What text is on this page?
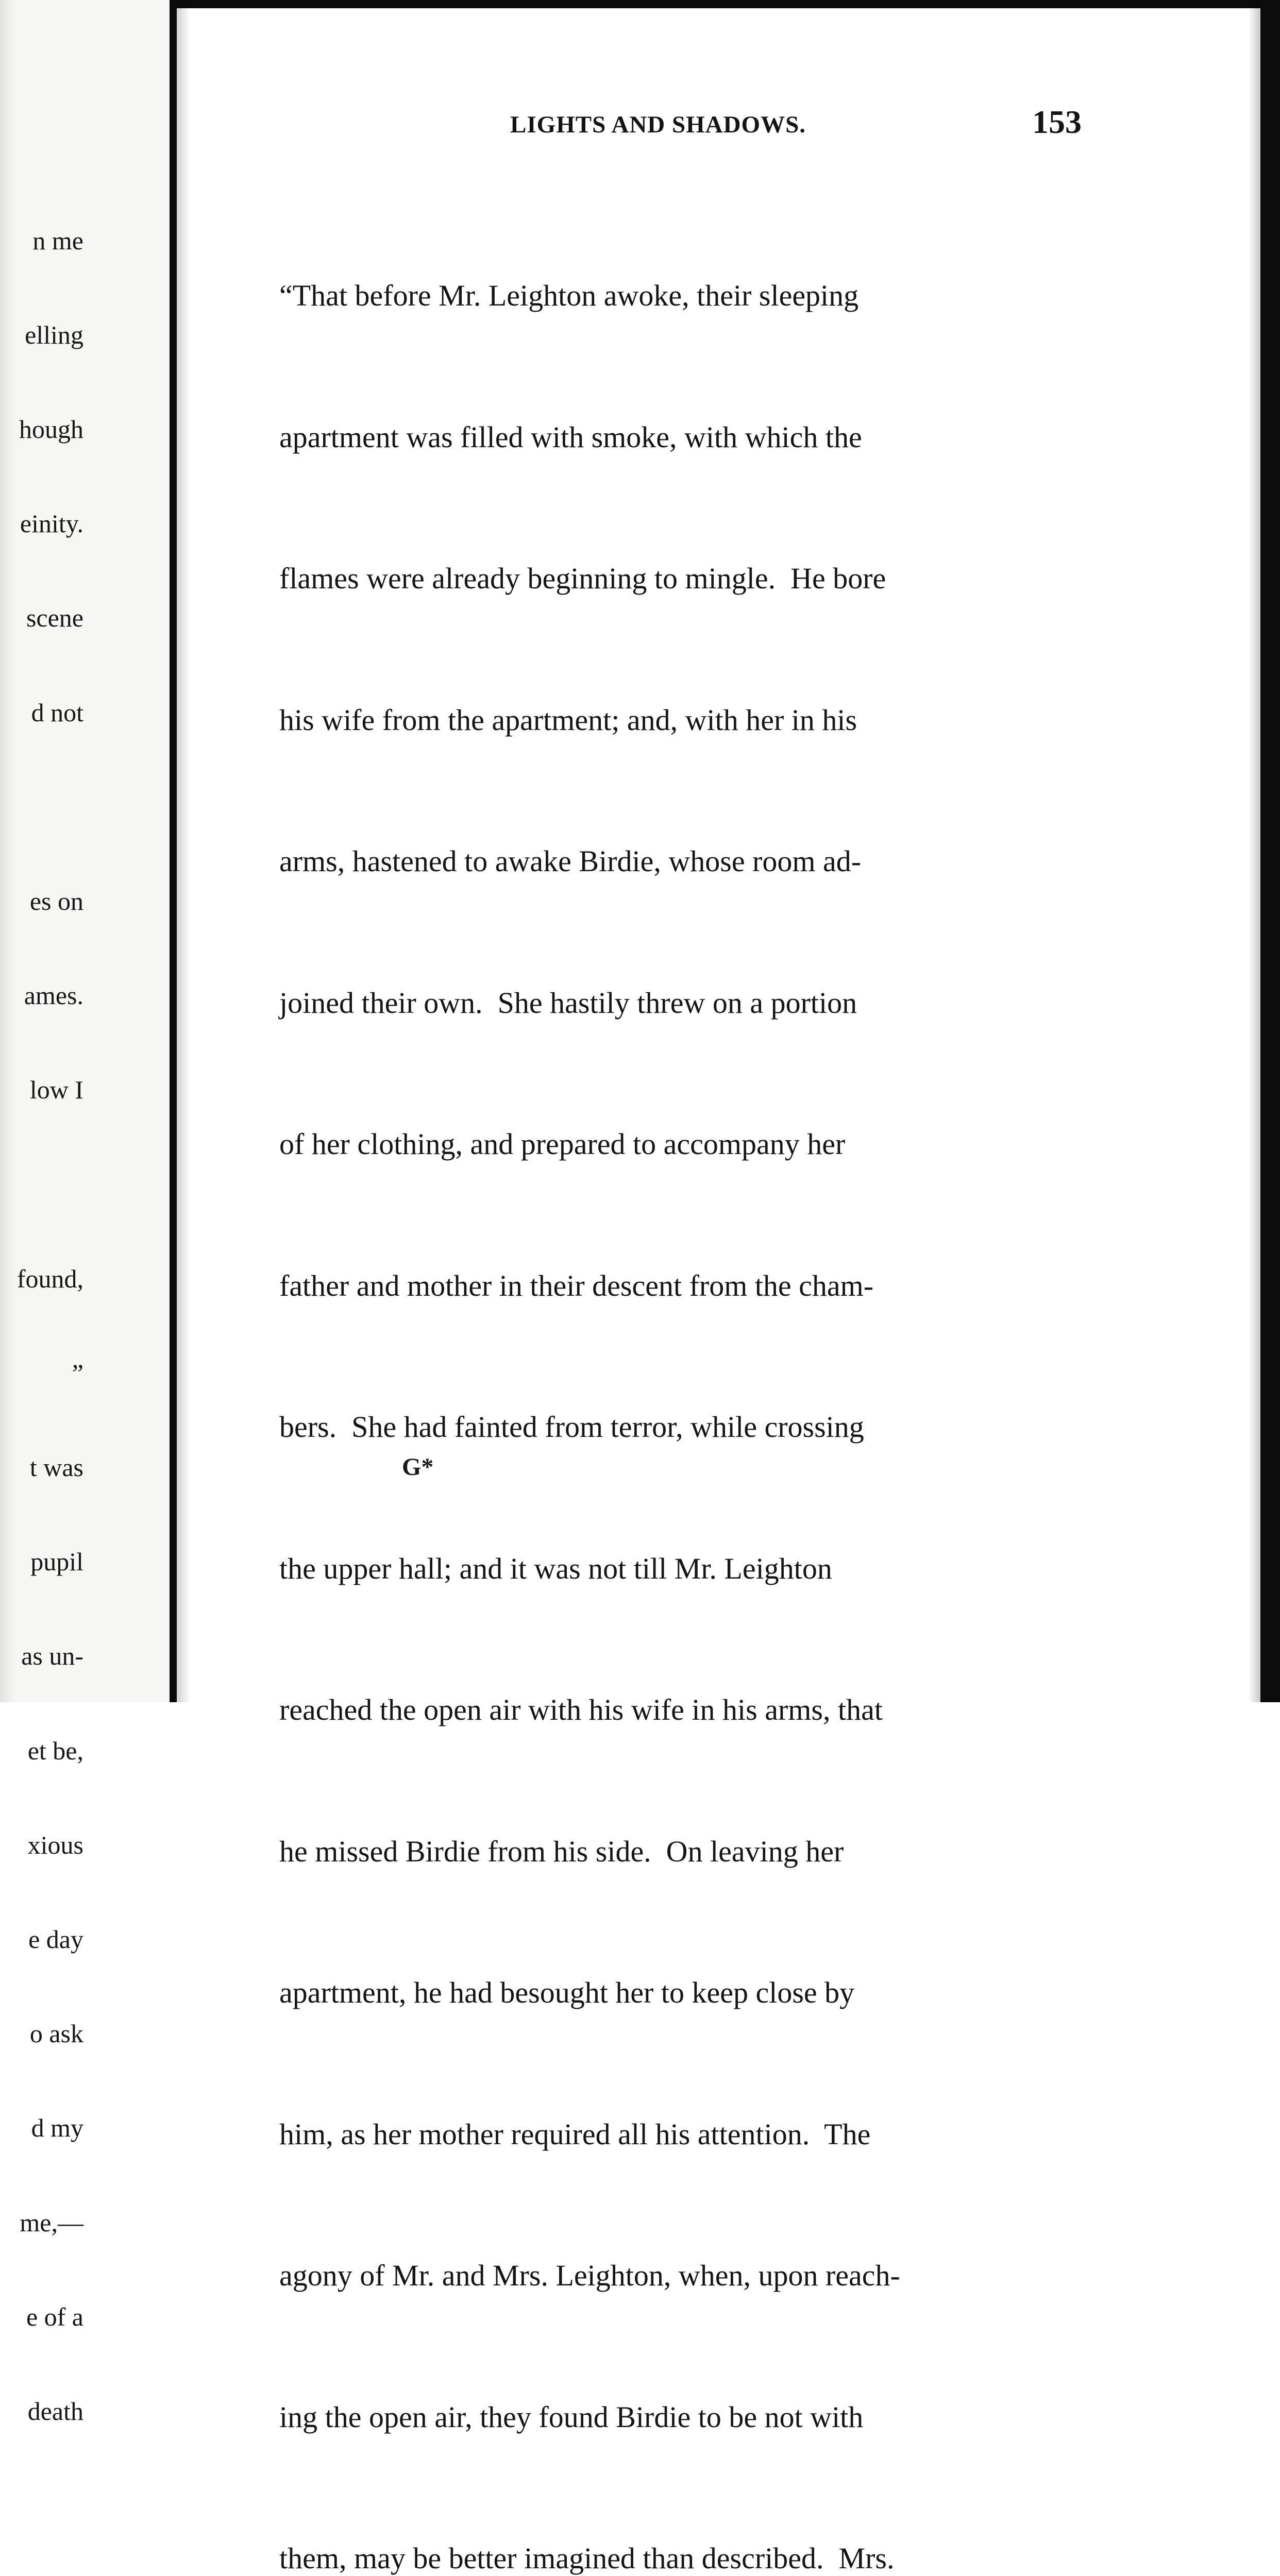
n me

elling

hough

einity.

scene

d not

es on

ames.

low I

found,

”

t was

pupil

as un-

et be,

xious

e day

o ask

d my

me,—

e of a

death

LIGHTS AND SHADOWS.	153

“That before Mr. Leighton awoke, their sleeping

apartment was filled with smoke, with which the

flames were already beginning to mingle.  He bore

his wife from the apartment; and, with her in his

arms, hastened to awake Birdie, whose room ad-

joined their own.  She hastily threw on a portion

of her clothing, and prepared to accompany her

father and mother in their descent from the cham-

bers.  She had fainted from terror, while crossing

the upper hall; and it was not till Mr. Leighton

reached the open air with his wife in his arms, that

he missed Birdie from his side.  On leaving her

apartment, he had besought her to keep close by

him, as her mother required all his attention.  The

agony of Mr. and Mrs. Leighton, when, upon reach-

ing the open air, they found Birdie to be not with

them, may be better imagined than described.  Mrs.

G*
